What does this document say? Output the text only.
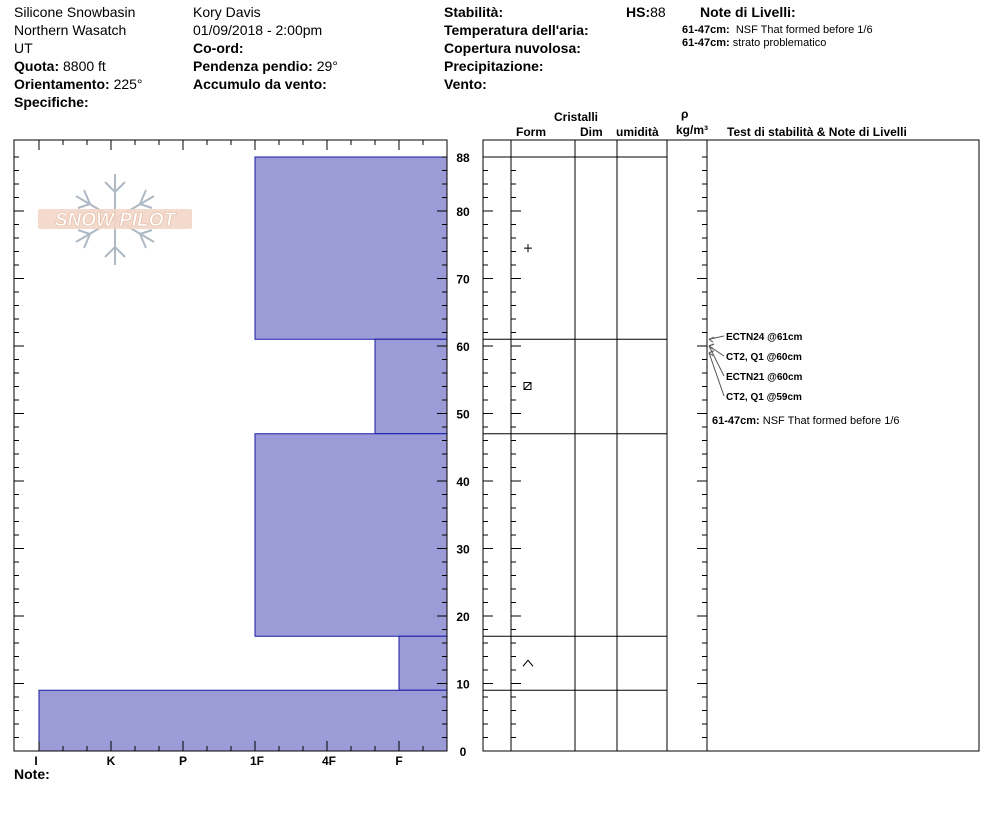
Silicone Snowbasin
Northern Wasatch
UT
Quota: 8800 ft
Orientamento: 225°
Specifiche:
Kory Davis
01/09/2018 - 2:00pm
Co-ord:
Pendenza pendio: 29°
Accumulo da vento:
Stabilità:
Temperatura dell'aria:
Copertura nuvolosa:
Precipitazione:
Vento:
HS:88 Note di Livelli:
61-47cm: NSF That formed before 1/6
61-47cm: strato problematico
Cristalli
Form	Dim umidità
ρ
kg/m³ Test di stabilità & Note di Livelli
Note:
SNOW PILOT
I	K	P	1F	4F	F
0
10
20
30
40
50
60
70
80
88
ECTN24 @61cm
CT2, Q1 @60cm
ECTN21 @60cm
CT2, Q1 @59cm
61-47cm: NSF That formed before 1/6
